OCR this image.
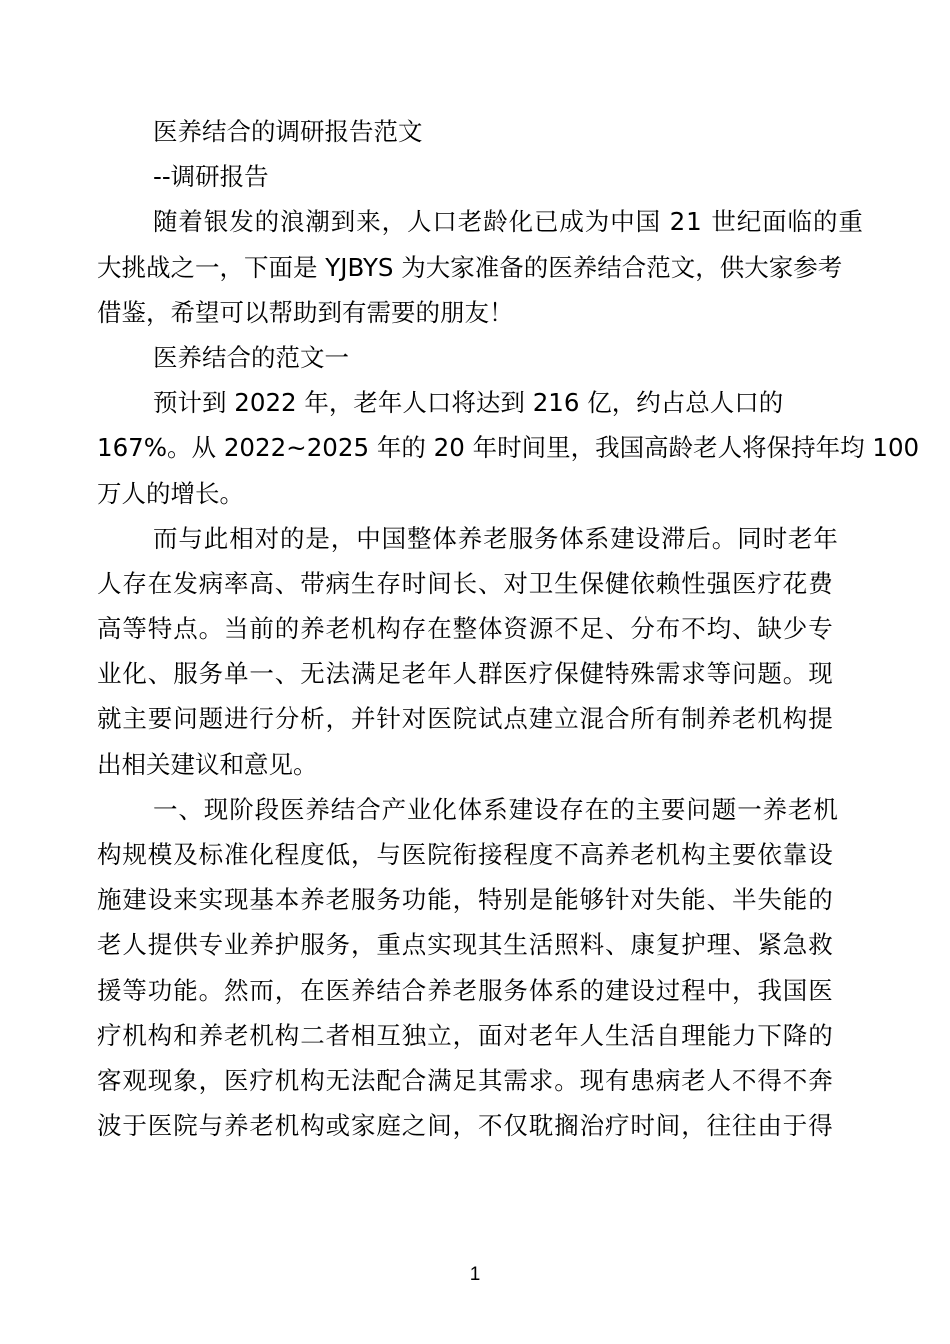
医养结合的调研报告范文
--调研报告
随着银发的浪潮到来，人口老龄化已成为中国 21 世纪面临的重
大挑战之一，下面是 YJBYS 为大家准备的医养结合范文，供大家参考
借鉴，希望可以帮助到有需要的朋友！
医养结合的范文一
预计到 2022 年，老年人口将达到 216 亿，约占总人口的
167%。从 2022~2025 年的 20 年时间里，我国高龄老人将保持年均 100
万人的增长。
而与此相对的是，中国整体养老服务体系建设滞后。同时老年
人存在发病率高、带病生存时间长、对卫生保健依赖性强医疗花费
高等特点。当前的养老机构存在整体资源不足、分布不均、缺少专
业化、服务单一、无法满足老年人群医疗保健特殊需求等问题。现
就主要问题进行分析，并针对医院试点建立混合所有制养老机构提
出相关建议和意见。
一、现阶段医养结合产业化体系建设存在的主要问题一养老机
构规模及标准化程度低，与医院衔接程度不高养老机构主要依靠设
施建设来实现基本养老服务功能，特别是能够针对失能、半失能的
老人提供专业养护服务，重点实现其生活照料、康复护理、紧急救
援等功能。然而，在医养结合养老服务体系的建设过程中，我国医
疗机构和养老机构二者相互独立，面对老年人生活自理能力下降的
客观现象，医疗机构无法配合满足其需求。现有患病老人不得不奔
波于医院与养老机构或家庭之间，不仅耽搁治疗时间，往往由于得
1
